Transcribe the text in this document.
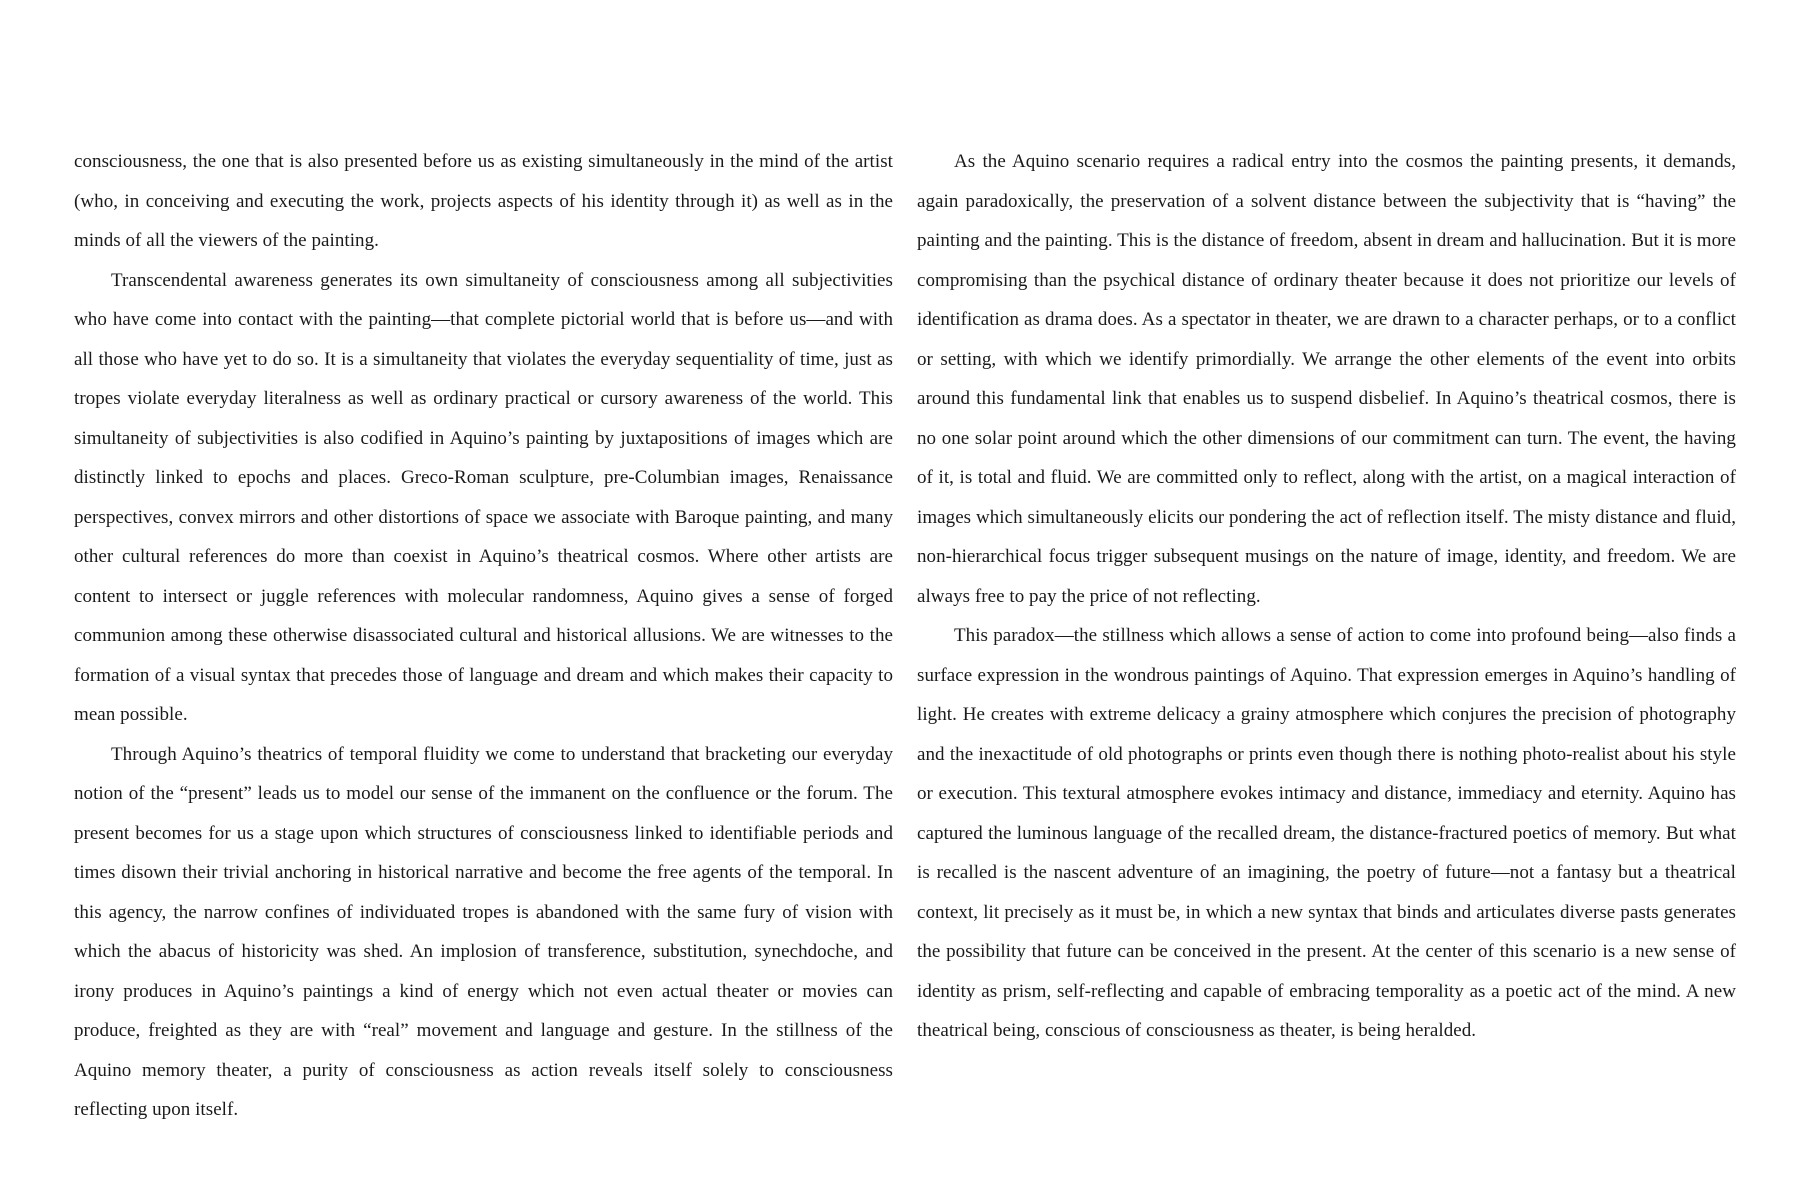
consciousness, the one that is also presented before us as existing simultaneously in the mind of the artist (who, in conceiving and executing the work, projects aspects of his identity through it) as well as in the minds of all the viewers of the painting.

Transcendental awareness generates its own simultaneity of consciousness among all subjectivities who have come into contact with the painting—that complete pictorial world that is before us—and with all those who have yet to do so. It is a simultaneity that violates the everyday sequentiality of time, just as tropes violate everyday literalness as well as ordinary practical or cursory awareness of the world. This simultaneity of subjectivities is also codified in Aquino’s painting by juxtapositions of images which are distinctly linked to epochs and places. Greco-Roman sculpture, pre-Columbian images, Renaissance perspectives, convex mirrors and other distortions of space we associate with Baroque painting, and many other cultural references do more than coexist in Aquino’s theatrical cosmos. Where other artists are content to intersect or juggle references with molecular randomness, Aquino gives a sense of forged communion among these otherwise disassociated cultural and historical allusions. We are witnesses to the formation of a visual syntax that precedes those of language and dream and which makes their capacity to mean possible.

Through Aquino’s theatrics of temporal fluidity we come to understand that bracketing our everyday notion of the “present” leads us to model our sense of the immanent on the confluence or the forum. The present becomes for us a stage upon which structures of consciousness linked to identifiable periods and times disown their trivial anchoring in historical narrative and become the free agents of the temporal. In this agency, the narrow confines of individuated tropes is abandoned with the same fury of vision with which the abacus of historicity was shed. An implosion of transference, substitution, synechdoche, and irony produces in Aquino’s paintings a kind of energy which not even actual theater or movies can produce, freighted as they are with “real” movement and language and gesture. In the stillness of the Aquino memory theater, a purity of consciousness as action reveals itself solely to consciousness reflecting upon itself.

As the Aquino scenario requires a radical entry into the cosmos the painting presents, it demands, again paradoxically, the preservation of a solvent distance between the subjectivity that is “having” the painting and the painting. This is the distance of freedom, absent in dream and hallucination. But it is more compromising than the psychical distance of ordinary theater because it does not prioritize our levels of identification as drama does. As a spectator in theater, we are drawn to a character perhaps, or to a conflict or setting, with which we identify primordially. We arrange the other elements of the event into orbits around this fundamental link that enables us to suspend disbelief. In Aquino’s theatrical cosmos, there is no one solar point around which the other dimensions of our commitment can turn. The event, the having of it, is total and fluid. We are committed only to reflect, along with the artist, on a magical interaction of images which simultaneously elicits our pondering the act of reflection itself. The misty distance and fluid, non-hierarchical focus trigger subsequent musings on the nature of image, identity, and freedom. We are always free to pay the price of not reflecting.

This paradox—the stillness which allows a sense of action to come into profound being—also finds a surface expression in the wondrous paintings of Aquino. That expression emerges in Aquino’s handling of light. He creates with extreme delicacy a grainy atmosphere which conjures the precision of photography and the inexactitude of old photographs or prints even though there is nothing photo-realist about his style or execution. This textural atmosphere evokes intimacy and distance, immediacy and eternity. Aquino has captured the luminous language of the recalled dream, the distance-fractured poetics of memory. But what is recalled is the nascent adventure of an imagining, the poetry of future—not a fantasy but a theatrical context, lit precisely as it must be, in which a new syntax that binds and articulates diverse pasts generates the possibility that future can be conceived in the present. At the center of this scenario is a new sense of identity as prism, self-reflecting and capable of embracing temporality as a poetic act of the mind. A new theatrical being, conscious of consciousness as theater, is being heralded.
